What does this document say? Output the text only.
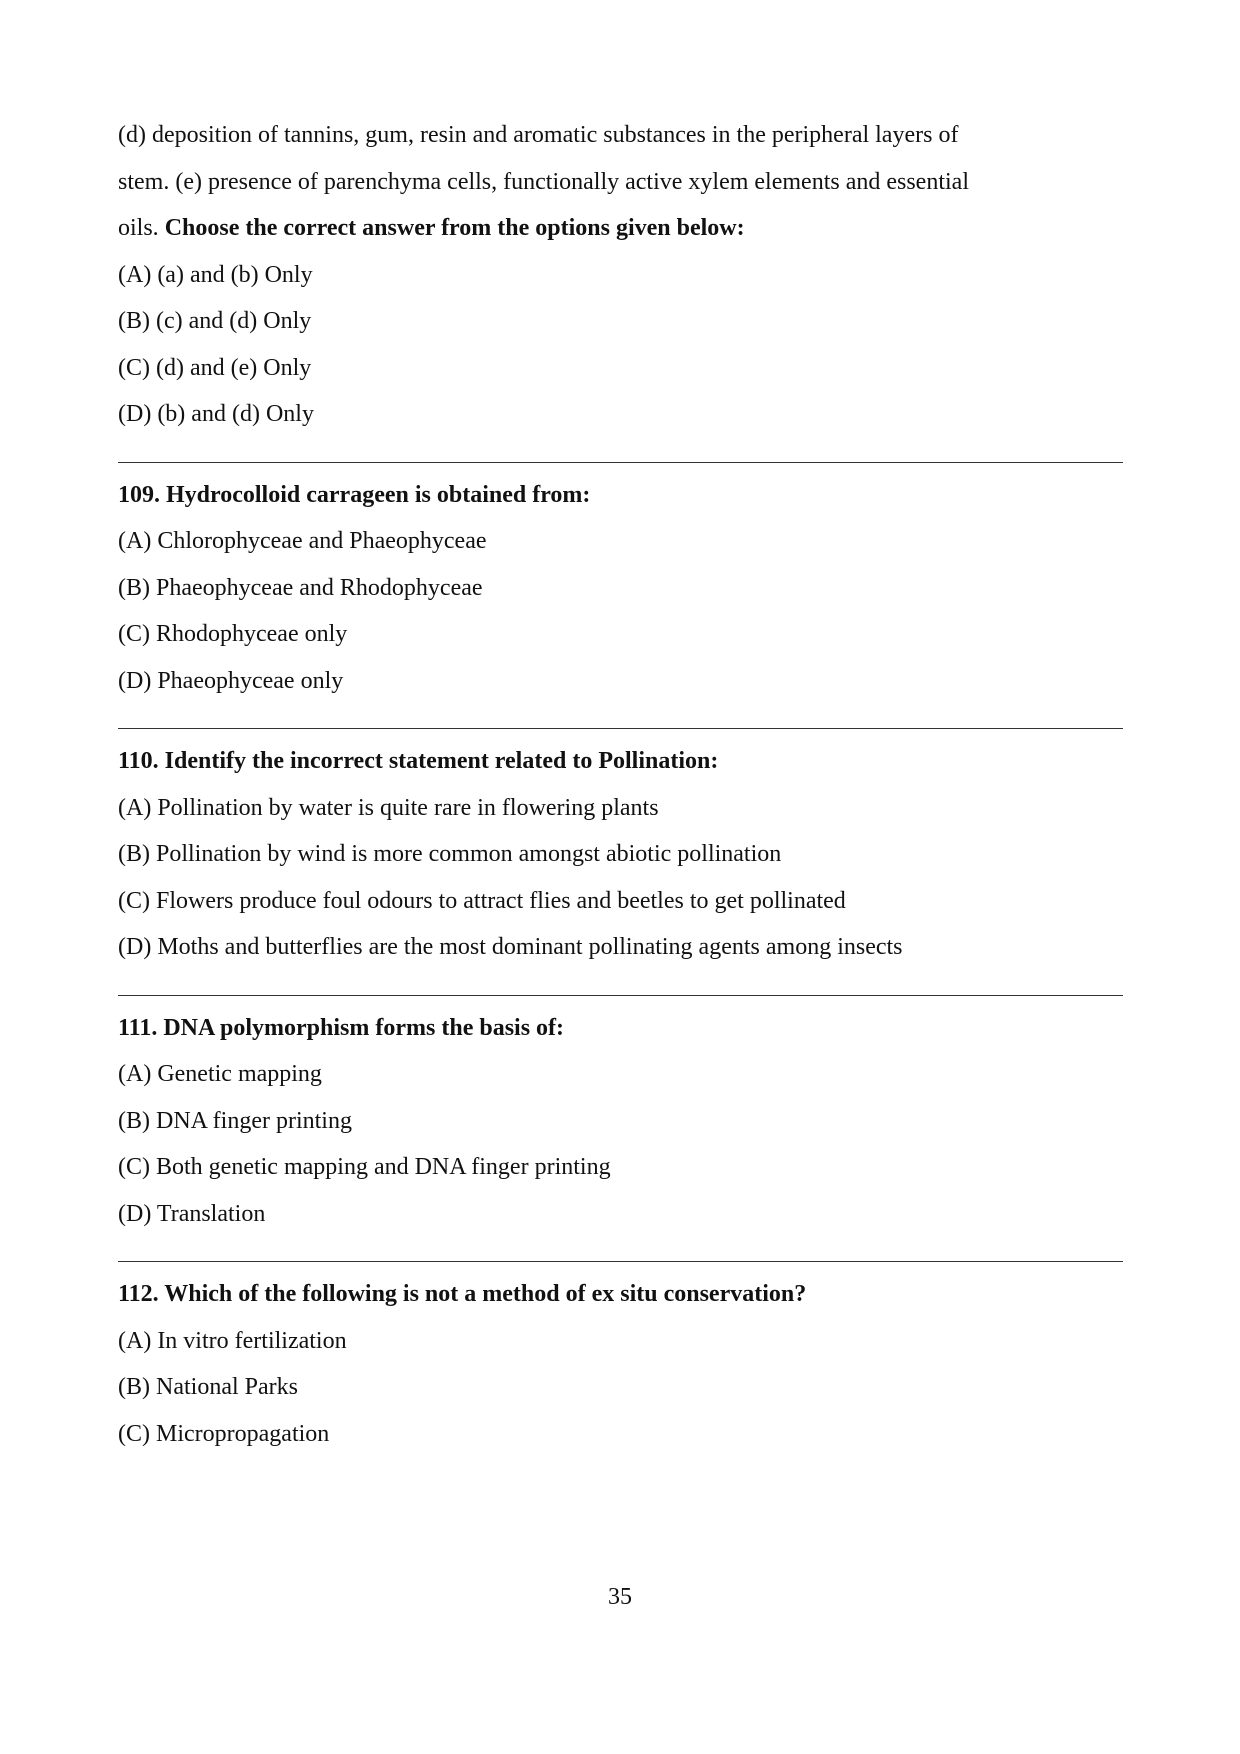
(d) deposition of tannins, gum, resin and aromatic substances in the peripheral layers of

stem. (e) presence of parenchyma cells, functionally active xylem elements and essential

oils. Choose the correct answer from the options given below:

(A) (a) and (b) Only

(B) (c) and (d) Only

(C) (d) and (e) Only

(D) (b) and (d) Only

109. Hydrocolloid carrageen is obtained from:

(A) Chlorophyceae and Phaeophyceae

(B) Phaeophyceae and Rhodophyceae

(C) Rhodophyceae only

(D) Phaeophyceae only

110. Identify the incorrect statement related to Pollination:

(A) Pollination by water is quite rare in flowering plants

(B) Pollination by wind is more common amongst abiotic pollination

(C) Flowers produce foul odours to attract flies and beetles to get pollinated

(D) Moths and butterflies are the most dominant pollinating agents among insects

111. DNA polymorphism forms the basis of:

(A) Genetic mapping

(B) DNA finger printing

(C) Both genetic mapping and DNA finger printing

(D) Translation

112. Which of the following is not a method of ex situ conservation?

(A) In vitro fertilization

(B) National Parks

(C) Micropropagation

35
